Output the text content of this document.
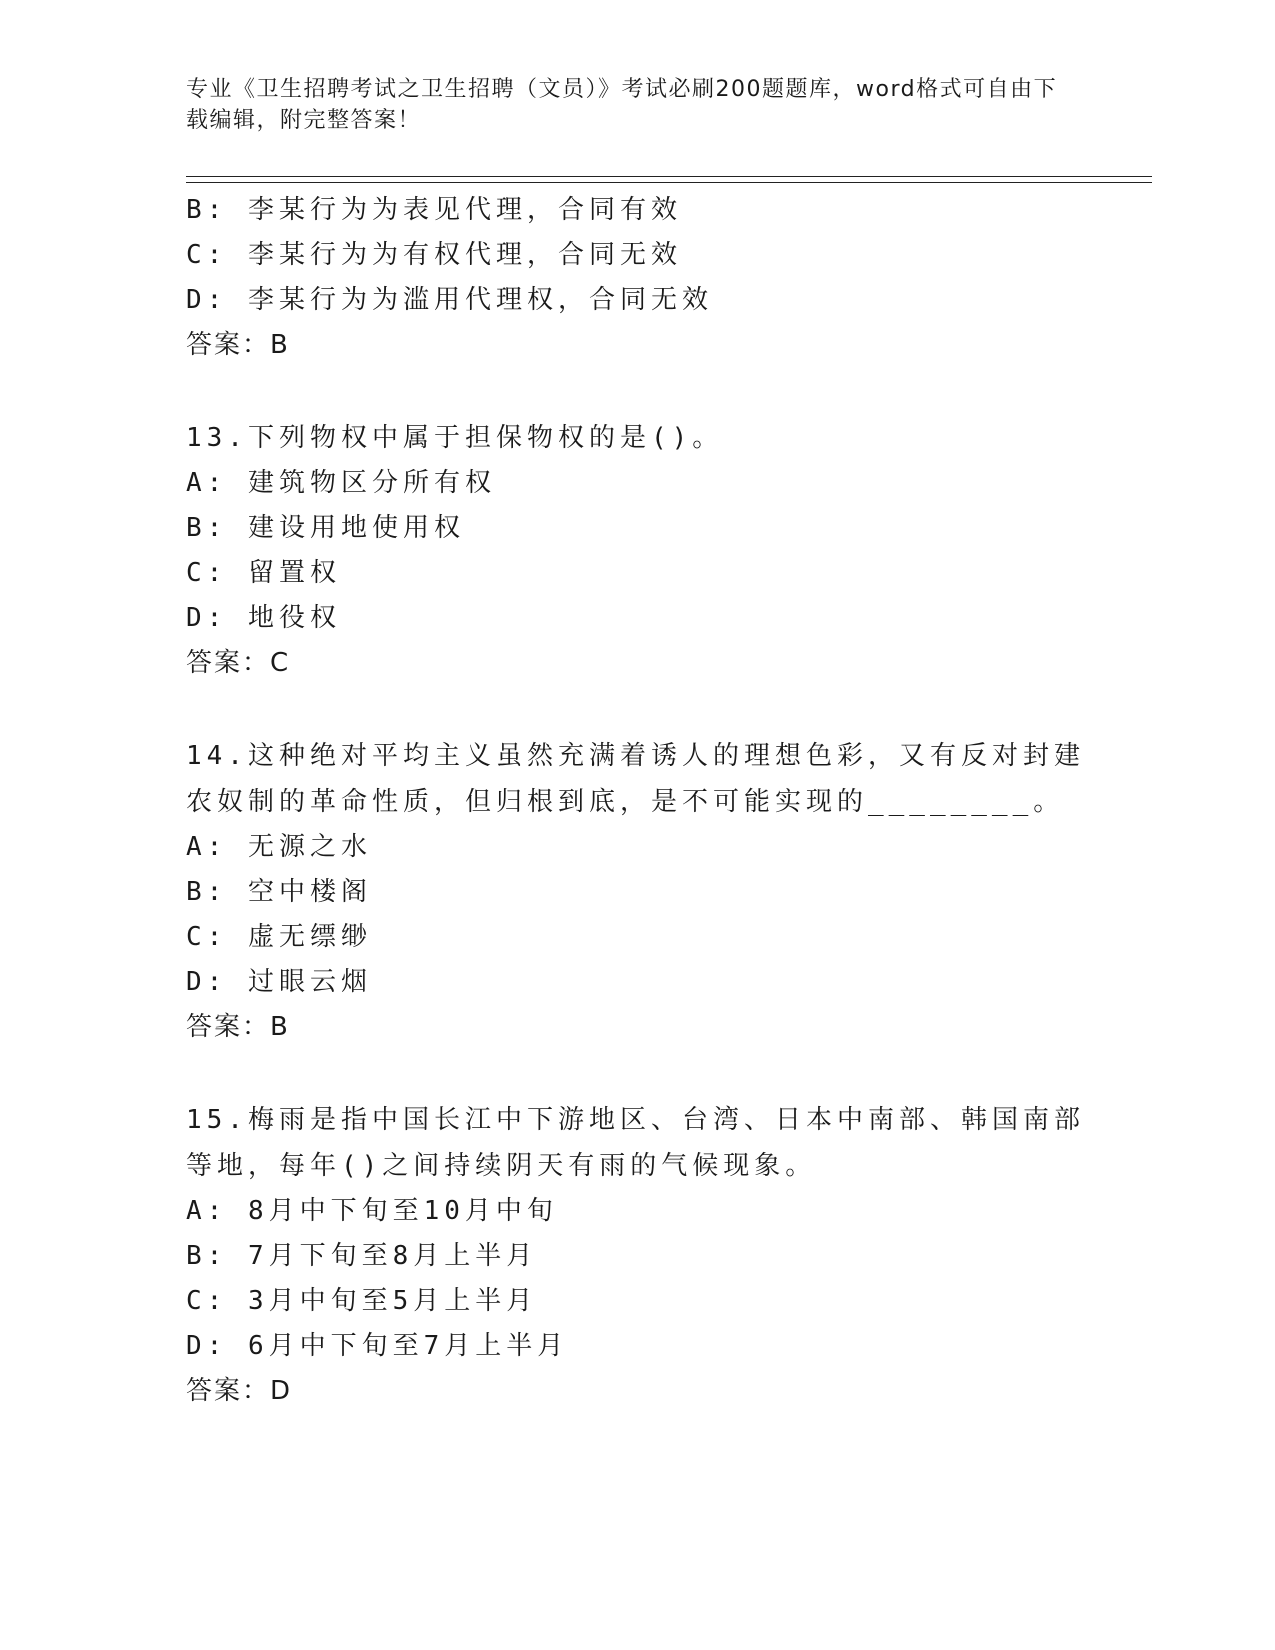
专业《卫生招聘考试之卫生招聘（文员）》考试必刷200题题库，word格式可自由下载编辑，附完整答案！
B: 李某行为为表见代理，合同有效
C: 李某行为为有权代理，合同无效
D: 李某行为为滥用代理权，合同无效
答案：B
13.下列物权中属于担保物权的是()。
A: 建筑物区分所有权
B: 建设用地使用权
C: 留置权
D: 地役权
答案：C
14.这种绝对平均主义虽然充满着诱人的理想色彩，又有反对封建农奴制的革命性质，但归根到底，是不可能实现的________。
A: 无源之水
B: 空中楼阁
C: 虚无缥缈
D: 过眼云烟
答案：B
15.梅雨是指中国长江中下游地区、台湾、日本中南部、韩国南部等地，每年()之间持续阴天有雨的气候现象。
A: 8月中下旬至10月中旬
B: 7月下旬至8月上半月
C: 3月中旬至5月上半月
D: 6月中下旬至7月上半月
答案：D
